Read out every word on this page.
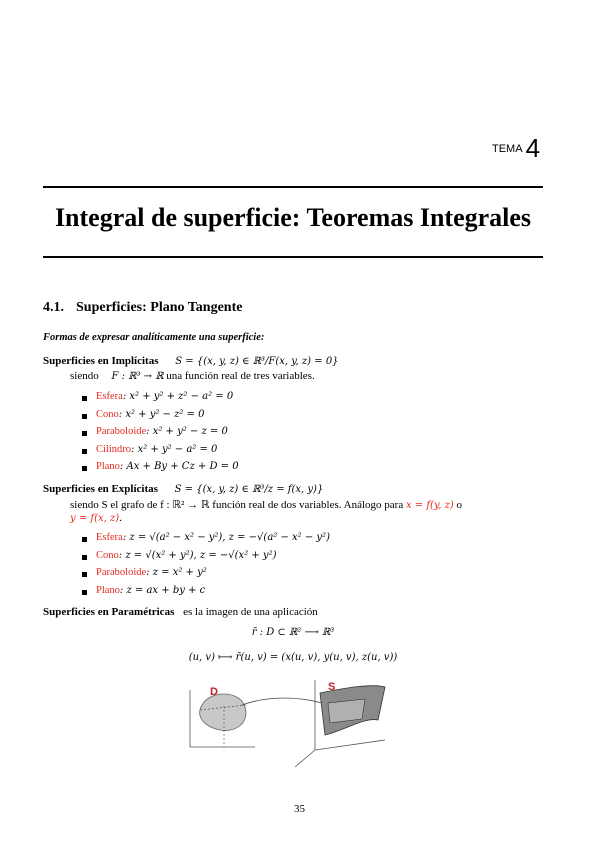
TEMA 4
Integral de superficie: Teoremas Integrales
4.1. Superficies: Plano Tangente
Formas de expresar analíticamente una superficie:
Superficies en Implícitas S = {(x, y, z) ∈ ℝ³/F(x, y, z) = 0}
siendo F : ℝ³ → ℝ una función real de tres variables.
Esfera: x² + y² + z² − a² = 0
Cono: x² + y² − z² = 0
Paraboloide: x² + y² − z = 0
Cilindro: x² + y² − a² = 0
Plano: Ax + By + Cz + D = 0
Superficies en Explícitas S = {(x, y, z) ∈ ℝ³/z = f(x, y)}
siendo S el grafo de f : ℝ² → ℝ función real de dos variables. Análogo para x = f(y, z) o
y = f(x, z).
Esfera: z = √(a² − x² − y²), z = −√(a² − x² − y²)
Cono: z = √(x² + y²), z = −√(x² + y²)
Paraboloide: z = x² + y²
Plano: z = ax + by + c
Superficies en Paramétricas es la imagen de una aplicación
r̄ : D ⊂ ℝ² ⟶ ℝ³
(u, v) ⟼ r̄(u, v) = (x(u, v), y(u, v), z(u, v))
D	S
35
